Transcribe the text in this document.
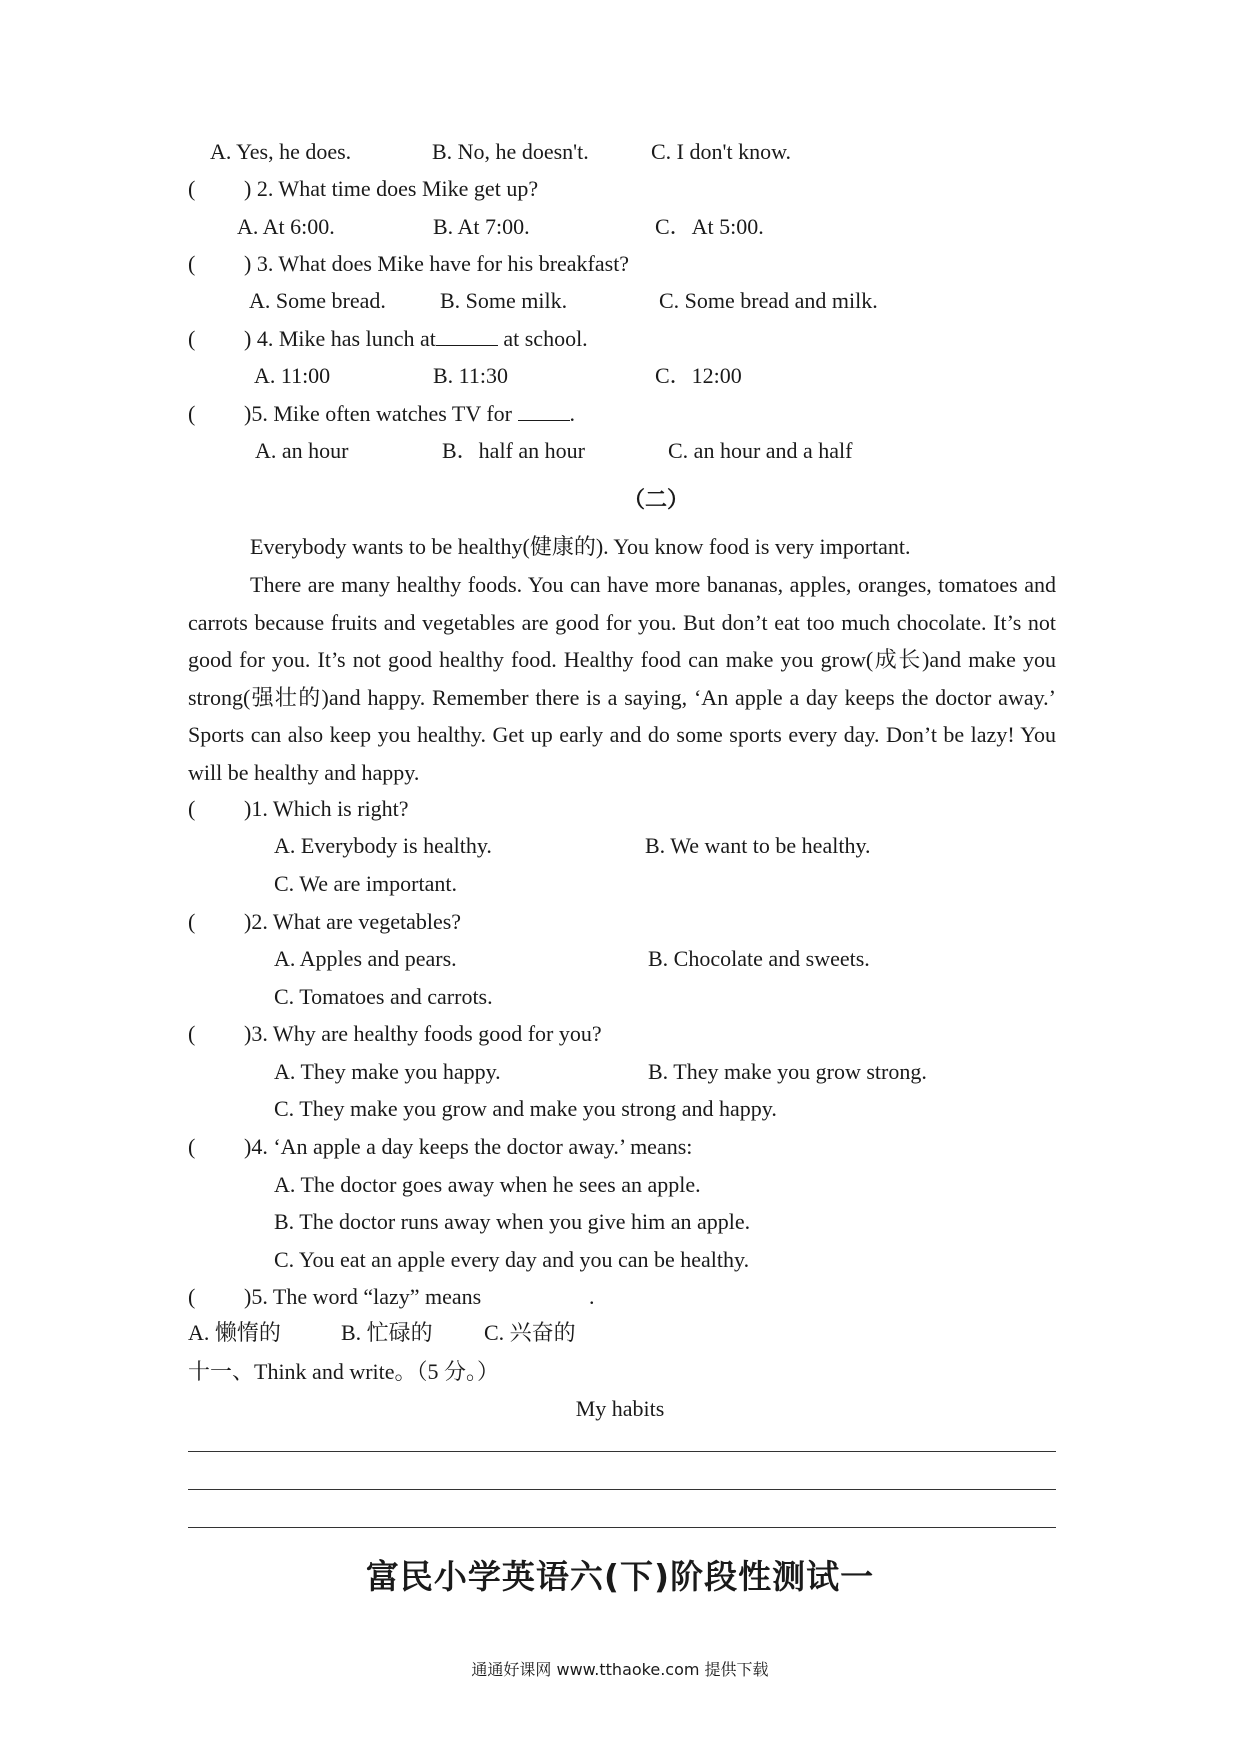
A. Yes, he does.	B. No, he doesn't.	C. I don't know.
( ) 2. What time does Mike get up?
A. At 6:00.	B. At 7:00.	C．At 5:00.
( ) 3. What does Mike have for his breakfast?
A. Some bread. B. Some milk.	C. Some bread and milk.
( ) 4. Mike has lunch at	at school.
A. 11:00	B. 11:30	C．12:00
( )5. Mike often watches TV for .
A. an hour	B．half an hour	C. an hour and a half
（二）
Everybody wants to be healthy(健康的). You know food is very important.
There are many healthy foods. You can have more bananas, apples, oranges, tomatoes and carrots because fruits and vegetables are good for you. But don’t eat too much chocolate. It’s not good for you. It’s not good healthy food. Healthy food can make you grow(成长)and make you strong(强壮的)and happy. Remember there is a saying, ‘An apple a day keeps the doctor away.’ Sports can also keep you healthy. Get up early and do some sports every day. Don’t be lazy! You will be healthy and happy.
( )1. Which is right?
A. Everybody is healthy.	B. We want to be healthy.
C. We are important.
( )2. What are vegetables?
A. Apples and pears.	B. Chocolate and sweets.
C. Tomatoes and carrots.
( )3. Why are healthy foods good for you?
A. They make you happy.	B. They make you grow strong.
C. They make you grow and make you strong and happy.
( )4. ‘An apple a day keeps the doctor away.’ means:
A. The doctor goes away when he sees an apple.
B. The doctor runs away when you give him an apple.
C. You eat an apple every day and you can be healthy.
( )5. The word “lazy” means	.
A. 懒惰的	B. 忙碌的 C. 兴奋的
十一、Think and write。（5 分。）
My habits
富民小学英语六(下)阶段性测试一
通通好课网 www.tthaoke.com 提供下载
